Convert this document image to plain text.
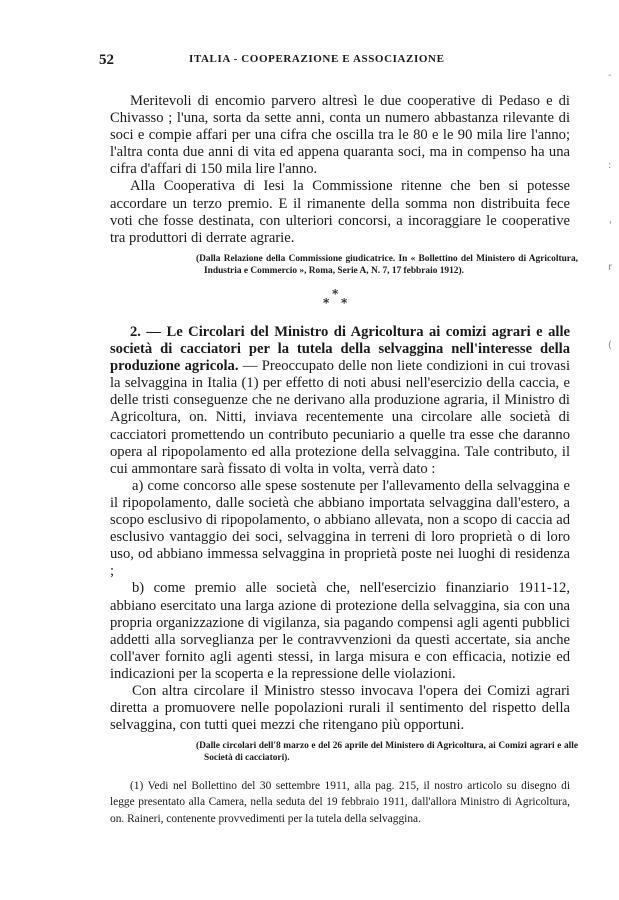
52	ITALIA - COOPERAZIONE E ASSOCIAZIONE

Meritevoli di encomio parvero altresì le due cooperative di Pedaso e di Chivasso ; l'una, sorta da sette anni, conta un numero abbastanza rilevante di soci e compie affari per una cifra che oscilla tra le 80 e le 90 mila lire l'anno; l'altra conta due anni di vita ed appena quaranta soci, ma in compenso ha una cifra d'affari di 150 mila lire l'anno.

Alla Cooperativa di Iesi la Commissione ritenne che ben si potesse accordare un terzo premio. E il rimanente della somma non distribuita fece voti che fosse destinata, con ulteriori concorsi, a incoraggiare le cooperative tra produttori di derrate agrarie.

(Dalla Relazione della Commissione giudicatrice. In « Bollettino del Ministero di Agricoltura, Industria e Commercio », Roma, Serie A, N. 7, 17 febbraio 1912).
*
* *

2. — Le Circolari del Ministro di Agricoltura ai comizi agrari e alle società di cacciatori per la tutela della selvaggina nell'interesse della produzione agricola. — Preoccupato delle non liete condizioni in cui trovasi la selvaggina in Italia (1) per effetto di noti abusi nell'esercizio della caccia, e delle tristi conseguenze che ne derivano alla produzione agraria, il Ministro di Agricoltura, on. Nitti, inviava recentemente una circolare alle società di cacciatori promettendo un contributo pecuniario a quelle tra esse che daranno opera al ripopolamento ed alla protezione della selvaggina. Tale contributo, il cui ammontare sarà fissato di volta in volta, verrà dato :

a) come concorso alle spese sostenute per l'allevamento della selvaggina e il ripopolamento, dalle società che abbiano importata selvaggina dall'estero, a scopo esclusivo di ripopolamento, o abbiano allevata, non a scopo di caccia ad esclusivo vantaggio dei soci, selvaggina in terreni di loro proprietà o di loro uso, od abbiano immessa selvaggina in proprietà poste nei luoghi di residenza ;

b) come premio alle società che, nell'esercizio finanziario 1911-12, abbiano esercitato una larga azione di protezione della selvaggina, sia con una propria organizzazione di vigilanza, sia pagando compensi agli agenti pubblici addetti alla sorveglianza per le contravvenzioni da questi accertate, sia anche coll'aver fornito agli agenti stessi, in larga misura e con efficacia, notizie ed indicazioni per la scoperta e la repressione delle violazioni.

Con altra circolare il Ministro stesso invocava l'opera dei Comizi agrari diretta a promuovere nelle popolazioni rurali il sentimento del rispetto della selvaggina, con tutti quei mezzi che ritengano più opportuni.

(Dalle circolari dell'8 marzo e del 26 aprile del Ministero di Agricoltura, ai Comizi agrari e alle Società di cacciatori).
(1) Vedi nel Bollettino del 30 settembre 1911, alla pag. 215, il nostro articolo su disegno di legge presentato alla Camera, nella seduta del 19 febbraio 1911, dall'allora Ministro di Agricoltura, on. Raineri, contenente provvedimenti per la tutela della selvaggina.
-
:
'
r
(
